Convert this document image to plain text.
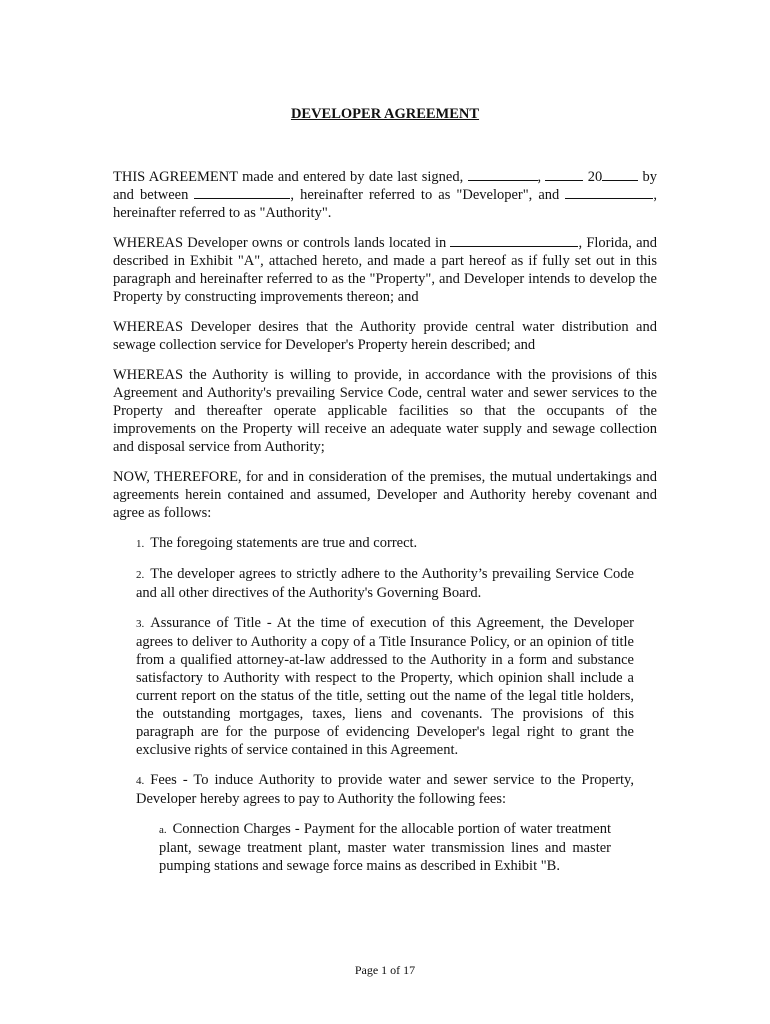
DEVELOPER AGREEMENT

THIS AGREEMENT made and entered by date last signed,	,	20	by and between	, hereinafter referred to as "Developer", and	, hereinafter referred to as "Authority".

WHEREAS Developer owns or controls lands located in	, Florida, and described in Exhibit "A", attached hereto, and made a part hereof as if fully set out in this paragraph and hereinafter referred to as the "Property", and Developer intends to develop the Property by constructing improvements thereon; and

WHEREAS Developer desires that the Authority provide central water distribution and sewage collection service for Developer's Property herein described; and

WHEREAS the Authority is willing to provide, in accordance with the provisions of this Agreement and Authority's prevailing Service Code, central water and sewer services to the Property and thereafter operate applicable facilities so that the occupants of the improvements on the Property will receive an adequate water supply and sewage collection and disposal service from Authority;

NOW, THEREFORE, for and in consideration of the premises, the mutual undertakings and agreements herein contained and assumed, Developer and Authority hereby covenant and agree as follows:

1. The foregoing statements are true and correct.

2. The developer agrees to strictly adhere to the Authority’s prevailing Service Code and all other directives of the Authority's Governing Board.

3. Assurance of Title - At the time of execution of this Agreement, the Developer agrees to deliver to Authority a copy of a Title Insurance Policy, or an opinion of title from a qualified attorney-at-law addressed to the Authority in a form and substance satisfactory to Authority with respect to the Property, which opinion shall include a current report on the status of the title, setting out the name of the legal title holders, the outstanding mortgages, taxes, liens and covenants. The provisions of this paragraph are for the purpose of evidencing Developer's legal right to grant the exclusive rights of service contained in this Agreement.

4. Fees - To induce Authority to provide water and sewer service to the Property, Developer hereby agrees to pay to Authority the following fees:

a. Connection Charges - Payment for the allocable portion of water treatment plant, sewage treatment plant, master water transmission lines and master pumping stations and sewage force mains as described in Exhibit "B.

Page 1 of 17
